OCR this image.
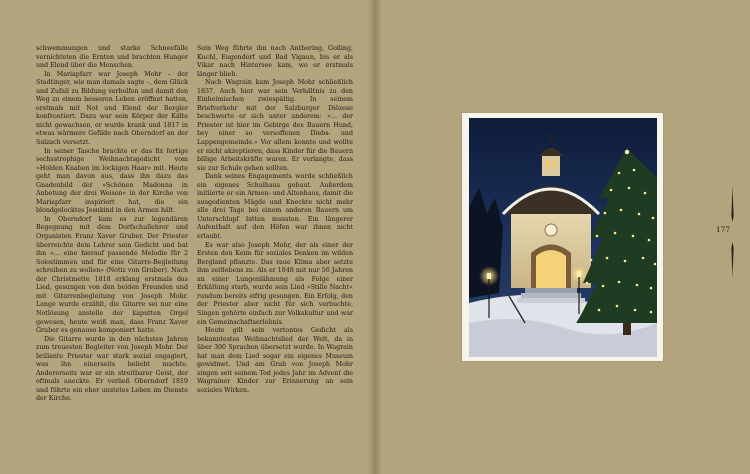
schwemmungen und starke Schneefälle vernichteten die Ernten und brachten Hunger und Elend über die Menschen.

In Mariapfarr war Joseph Mohr – der Stadtinger, wie man damals sagte –, dem Glück und Zufall zu Bildung verholfen und damit den Weg zu einem besseren Leben eröffnet hatten, erstmals mit Not und Elend der Bergler konfrontiert. Dazu war sein Körper der Kälte nicht gewachsen, er wurde krank und 1817 in etwas wärmere Gefilde nach Oberndorf an der Salzach versetzt.

In seiner Tasche brachte er das fix fertige sechsstrophige Weihnachtsgedicht vom »Holden Knaben im lockigen Haar« mit. Heute geht man davon aus, dass ihn dazu das Gnadenbild der »Schönen Madonna in Anbetung der drei Weisen« in der Kirche von Mariapfarr inspiriert hat, die ein blondgelocktes Jesukind in den Armen hält.

In Oberndorf kam es zur legendären Begegnung mit dem Dorfschullehrer und Organisten Franz Xaver Gruber. Der Priester überreichte dem Lehrer sein Gedicht und bat ihn »… eine hierauf passende Melodie für 2 Solostimmen und für eine Gitarre-Begleitung schreiben zu wollen« (Notiz von Gruber). Nach der Christmette 1818 erklang erstmals das Lied, gesungen von den beiden Freunden und mit Gitarrenbegleitung von Joseph Mohr. Lange wurde erzählt, die Gitarre sei nur eine Notlösung anstelle der kaputten Orgel gewesen, heute weiß man, dass Franz Xaver Gruber es genauso komponiert hatte.

Die Gitarre wurde in den nächsten Jahren zum treuesten Begleiter von Joseph Mohr. Der brillante Priester war stark sozial engagiert, was ihn einerseits beliebt machte. Andererseits war er ein streitbarer Geist, der oftmals aneckte. Er verließ Oberndorf 1819 und führte ein eher unstetes Leben im Dienste der Kirche.

Sein Weg führte ihn nach Anthering, Golling, Kuchl, Eugendorf und Bad Vigaun, bis er als Vikar nach Hintersee kam, wo er erstmals länger blieb.

Nach Wagrain kam Joseph Mohr schließlich 1837. Auch hier war sein Verhältnis zu den Einheimischen zwiespältig. In seinem Briefverkehr mit der Salzburger Diözese beschwerte er sich unter anderem: »… der Priester ist hier im Gebirge des Bauern Hund, bey einer so versoffenen Diebs- und Lappengemeinde.« Vor allem konnte und wollte er nicht akzeptieren, dass Kinder für die Bauern billige Arbeitskräfte waren. Er verlangte, dass sie zur Schule gehen sollten.

Dank seines Engagements wurde schließlich ein eigenes Schulhaus gebaut. Außerdem initiierte er ein Armen- und Altenhaus, damit die ausgedienten Mägde und Knechte nicht mehr alle drei Tage bei einem anderen Bauern um Unterschlupf bitten mussten. Ein längerer Aufenthalt auf den Höfen war ihnen nicht erlaubt.

Es war also Joseph Mohr, der als einer der Ersten den Keim für soziales Denken im wilden Bergland pflanzte. Das raue Klima aber setzte ihm zeitlebens zu. Als er 1848 mit nur 56 Jahren an einer Lungenlähmung als Folge einer Erkältung starb, wurde sein Lied »Stille Nacht« rundum bereits eifrig gesungen. Ein Erfolg, den der Priester aber nicht für sich verbuchte. Singen gehörte einfach zur Volkskultur und war ein Gemeinschaftserlebnis.

Heute gilt sein vertontes Gedicht als bekanntestes Weihnachtslied der Welt, da in über 300 Sprachen übersetzt wurde. In Wagrain hat man dem Lied sogar ein eigenes Museum gewidmet. Und am Grab von Joseph Mohr singen seit seinem Tod jedes Jahr im Advent die Wagrainer Kinder zur Erinnerung an sein soziales Wirken.

177
